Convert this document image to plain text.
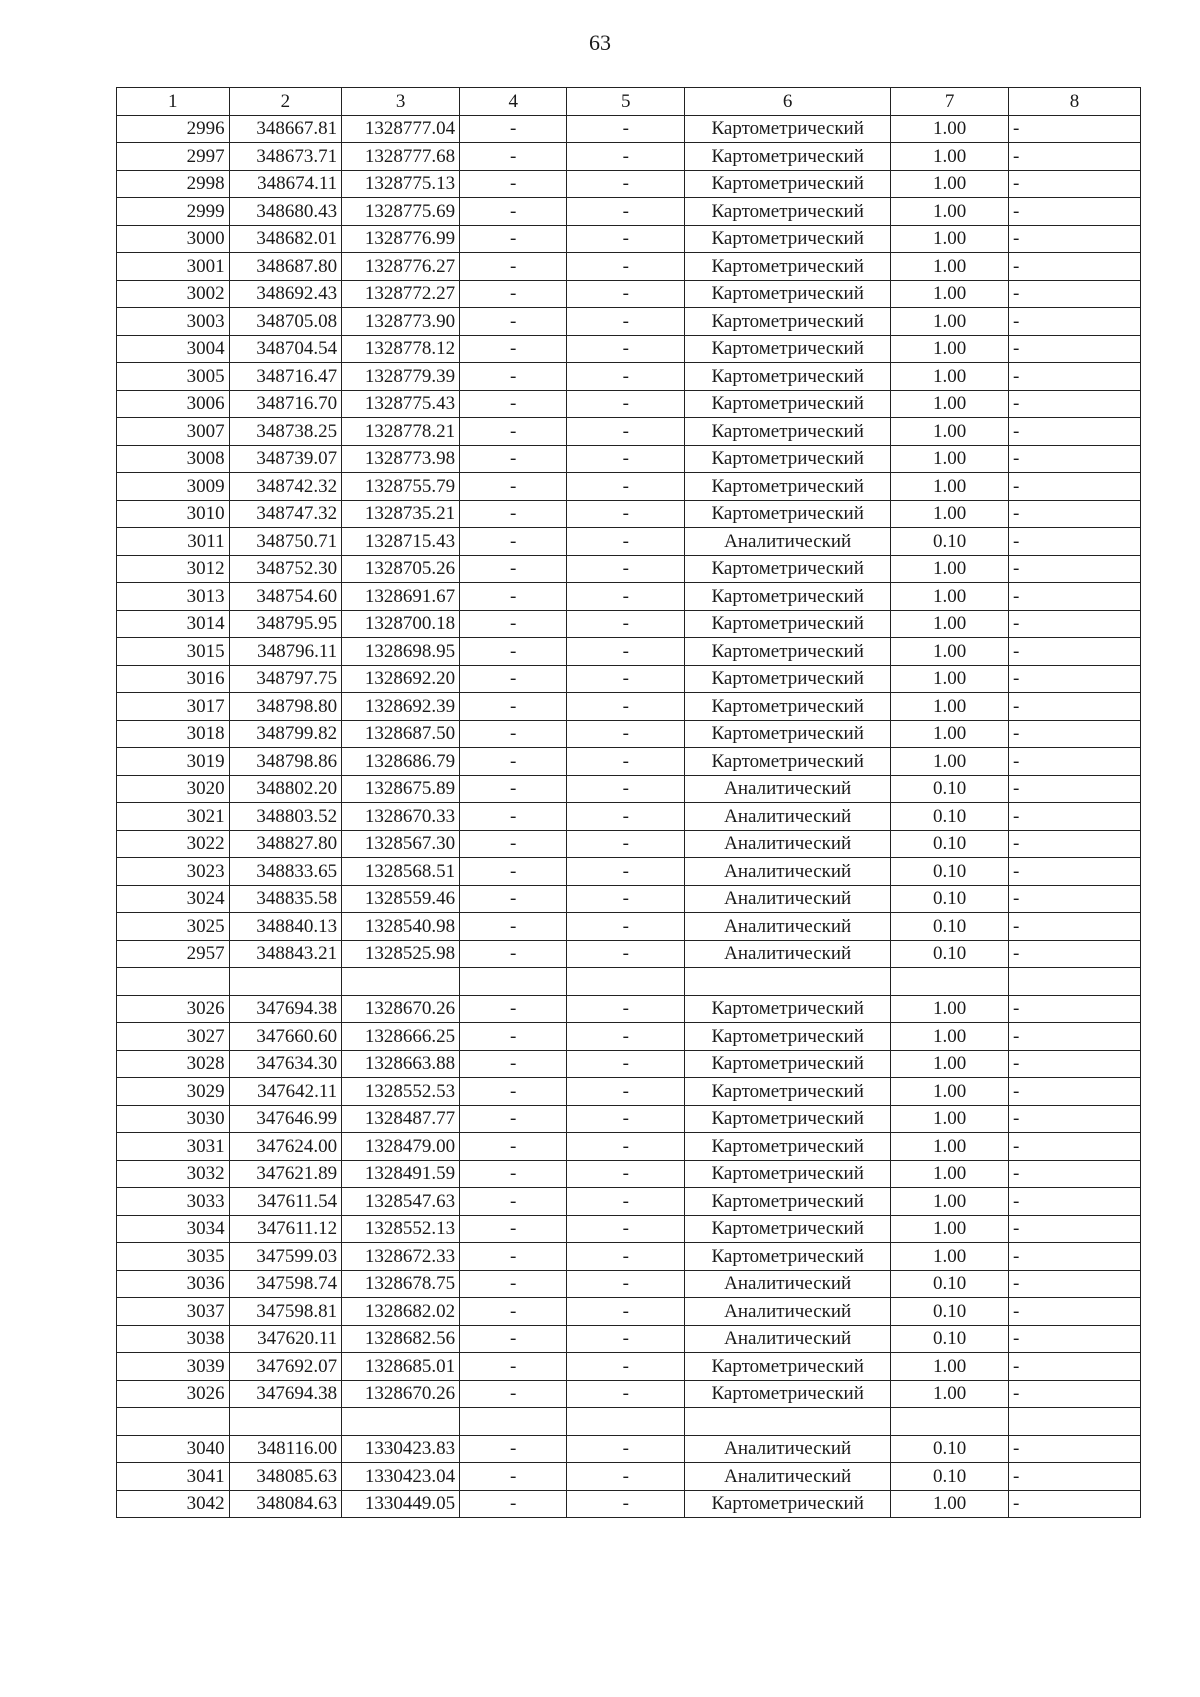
63
1	2	3	4	5	6	7	8
2996	348667.81	1328777.04	-	-	Картометрический	1.00	-
2997	348673.71	1328777.68	-	-	Картометрический	1.00	-
2998	348674.11	1328775.13	-	-	Картометрический	1.00	-
2999	348680.43	1328775.69	-	-	Картометрический	1.00	-
3000	348682.01	1328776.99	-	-	Картометрический	1.00	-
3001	348687.80	1328776.27	-	-	Картометрический	1.00	-
3002	348692.43	1328772.27	-	-	Картометрический	1.00	-
3003	348705.08	1328773.90	-	-	Картометрический	1.00	-
3004	348704.54	1328778.12	-	-	Картометрический	1.00	-
3005	348716.47	1328779.39	-	-	Картометрический	1.00	-
3006	348716.70	1328775.43	-	-	Картометрический	1.00	-
3007	348738.25	1328778.21	-	-	Картометрический	1.00	-
3008	348739.07	1328773.98	-	-	Картометрический	1.00	-
3009	348742.32	1328755.79	-	-	Картометрический	1.00	-
3010	348747.32	1328735.21	-	-	Картометрический	1.00	-
3011	348750.71	1328715.43	-	-	Аналитический	0.10	-
3012	348752.30	1328705.26	-	-	Картометрический	1.00	-
3013	348754.60	1328691.67	-	-	Картометрический	1.00	-
3014	348795.95	1328700.18	-	-	Картометрический	1.00	-
3015	348796.11	1328698.95	-	-	Картометрический	1.00	-
3016	348797.75	1328692.20	-	-	Картометрический	1.00	-
3017	348798.80	1328692.39	-	-	Картометрический	1.00	-
3018	348799.82	1328687.50	-	-	Картометрический	1.00	-
3019	348798.86	1328686.79	-	-	Картометрический	1.00	-
3020	348802.20	1328675.89	-	-	Аналитический	0.10	-
3021	348803.52	1328670.33	-	-	Аналитический	0.10	-
3022	348827.80	1328567.30	-	-	Аналитический	0.10	-
3023	348833.65	1328568.51	-	-	Аналитический	0.10	-
3024	348835.58	1328559.46	-	-	Аналитический	0.10	-
3025	348840.13	1328540.98	-	-	Аналитический	0.10	-
2957	348843.21	1328525.98	-	-	Аналитический	0.10	-

3026	347694.38	1328670.26	-	-	Картометрический	1.00	-
3027	347660.60	1328666.25	-	-	Картометрический	1.00	-
3028	347634.30	1328663.88	-	-	Картометрический	1.00	-
3029	347642.11	1328552.53	-	-	Картометрический	1.00	-
3030	347646.99	1328487.77	-	-	Картометрический	1.00	-
3031	347624.00	1328479.00	-	-	Картометрический	1.00	-
3032	347621.89	1328491.59	-	-	Картометрический	1.00	-
3033	347611.54	1328547.63	-	-	Картометрический	1.00	-
3034	347611.12	1328552.13	-	-	Картометрический	1.00	-
3035	347599.03	1328672.33	-	-	Картометрический	1.00	-
3036	347598.74	1328678.75	-	-	Аналитический	0.10	-
3037	347598.81	1328682.02	-	-	Аналитический	0.10	-
3038	347620.11	1328682.56	-	-	Аналитический	0.10	-
3039	347692.07	1328685.01	-	-	Картометрический	1.00	-
3026	347694.38	1328670.26	-	-	Картометрический	1.00	-

3040	348116.00	1330423.83	-	-	Аналитический	0.10	-
3041	348085.63	1330423.04	-	-	Аналитический	0.10	-
3042	348084.63	1330449.05	-	-	Картометрический	1.00	-
